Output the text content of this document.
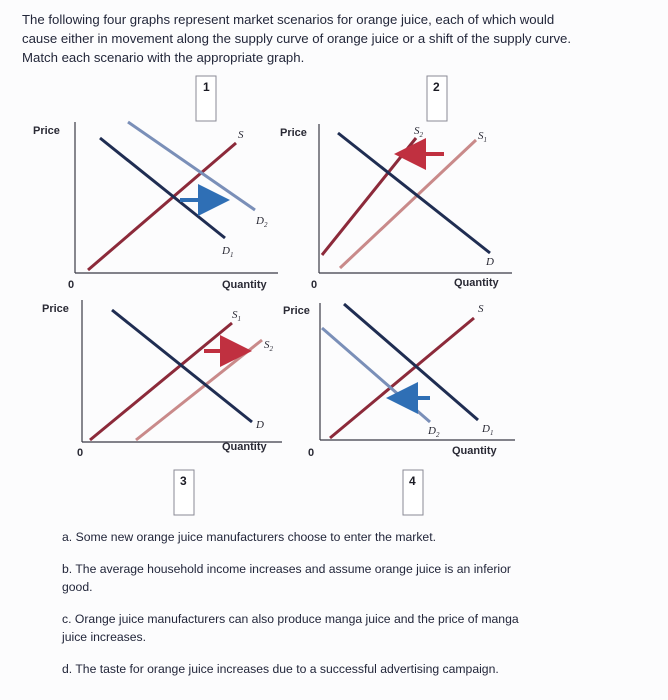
The following four graphs represent market scenarios for orange juice, each of which would
cause either in movement along the supply curve of orange juice or a shift of the supply curve.
Match each scenario with the appropriate graph.
1
Price
0	Quantity
S
$D_2$
$D_1$
2
Price
0	Quantity
$S_2$	$S_1$
D
Price
0	Quantity
$S_1$
$S_2$
D
3
Price
0	Quantity
S
$D_2$	$D_1$
4
a. Some new orange juice manufacturers choose to enter the market.
b. The average household income increases and assume orange juice is an inferior
good.
c. Orange juice manufacturers can also produce manga juice and the price of manga
juice increases.
d. The taste for orange juice increases due to a successful advertising campaign.
